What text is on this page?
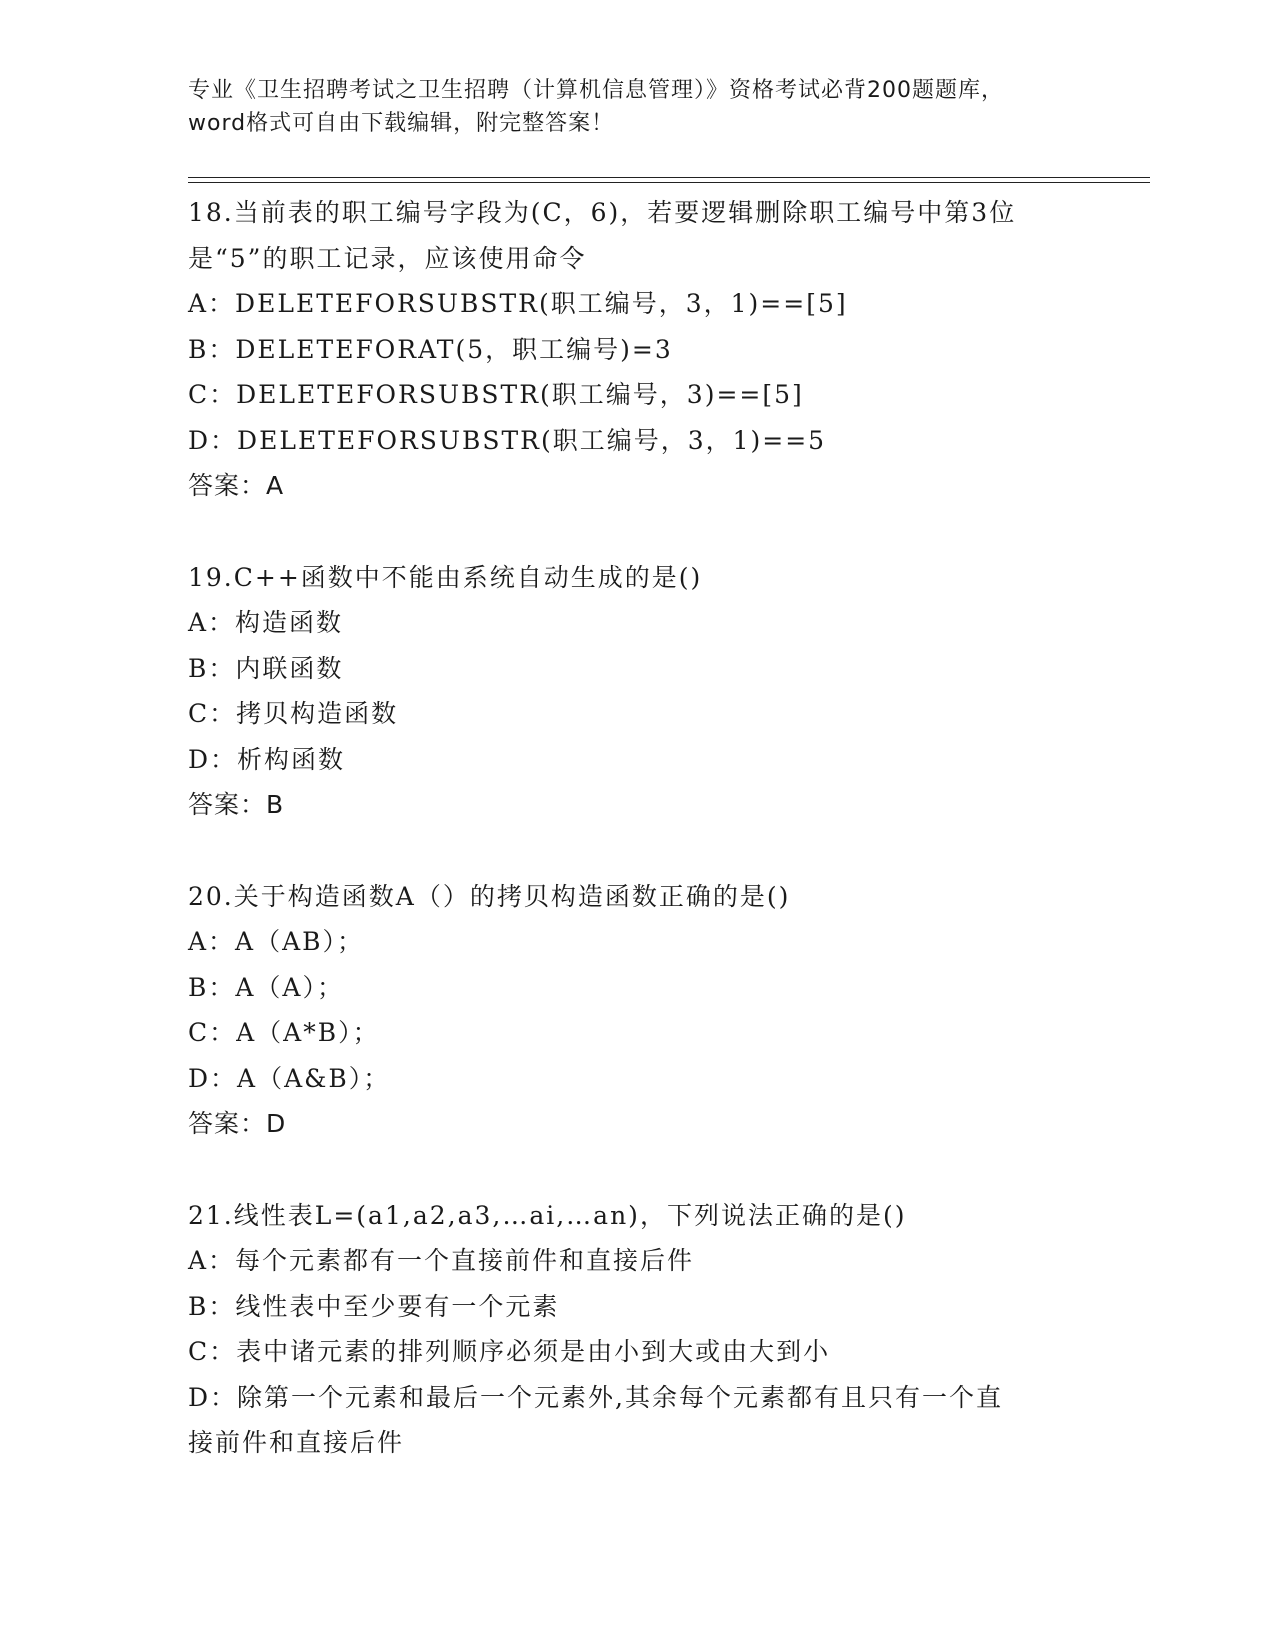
专业《卫生招聘考试之卫生招聘（计算机信息管理）》资格考试必背200题题库，
word格式可自由下载编辑，附完整答案！
18.当前表的职工编号字段为(C，6)，若要逻辑删除职工编号中第3位
是“5”的职工记录，应该使用命令
A：DELETEFORSUBSTR(职工编号，3，1)==[5]
B：DELETEFORAT(5，职工编号)=3
C：DELETEFORSUBSTR(职工编号，3)==[5]
D：DELETEFORSUBSTR(职工编号，3，1)==5
答案：A
19.C++函数中不能由系统自动生成的是()
A：构造函数
B：内联函数
C：拷贝构造函数
D：析构函数
答案：B
20.关于构造函数A（）的拷贝构造函数正确的是()
A：A（AB）；
B：A（A）；
C：A（A*B）；
D：A（A&B）；
答案：D
21.线性表L=(a1,a2,a3,…ai,…an)，下列说法正确的是()
A：每个元素都有一个直接前件和直接后件
B：线性表中至少要有一个元素
C：表中诸元素的排列顺序必须是由小到大或由大到小
D：除第一个元素和最后一个元素外,其余每个元素都有且只有一个直
接前件和直接后件
